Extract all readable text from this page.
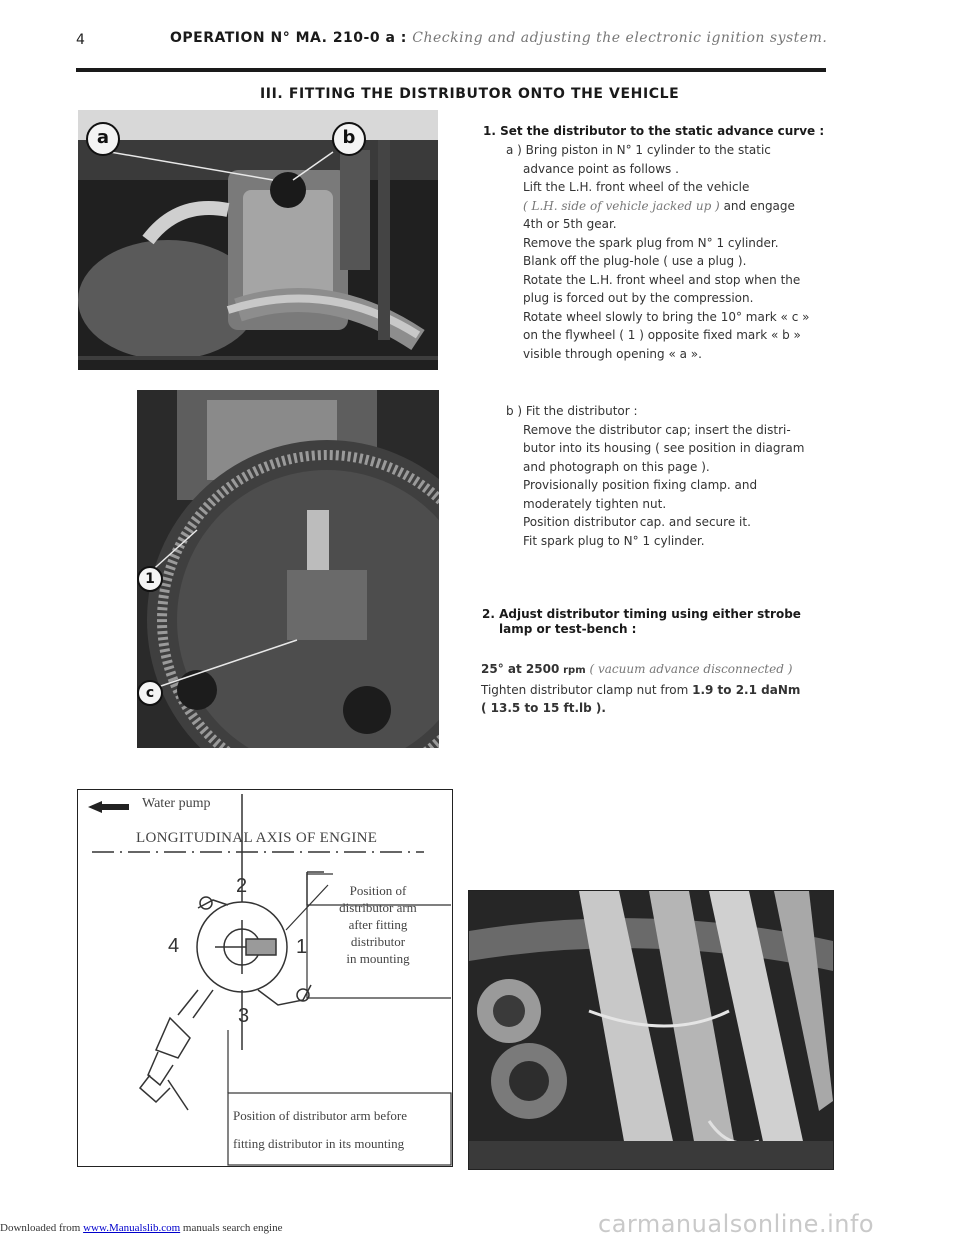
4	OPERATION N° MA. 210-0 a : Checking and adjusting the electronic ignition system.
III. FITTING THE DISTRIBUTOR ONTO THE VEHICLE
a	b
1
c
1. Set the distributor to the static advance curve :
a ) Bring piston in N° 1 cylinder to the static
advance point as follows .
Lift the L.H. front wheel of the vehicle
( L.H. side of vehicle jacked up ) and engage
4th or 5th gear.
Remove the spark plug from N° 1 cylinder.
Blank off the plug-hole ( use a plug ).
Rotate the L.H. front wheel and stop when the
plug is forced out by the compression.
Rotate wheel slowly to bring the 10° mark « c »
on the flywheel ( 1 ) opposite fixed mark « b »
visible through opening « a ».
b ) Fit the distributor :
Remove the distributor cap; insert the distri-
butor into its housing ( see position in diagram
and photograph on this page ).
Provisionally position fixing clamp. and
moderately tighten nut.
Position distributor cap. and secure it.
Fit spark plug to N° 1 cylinder.
2. Adjust distributor timing using either strobe
lamp or test-bench :
25° at 2500 rpm ( vacuum advance disconnected )
Tighten distributor clamp nut from 1.9 to 2.1 daNm
( 13.5 to 15 ft.lb ).
2
4	1
3
Water pump
LONGITUDINAL AXIS OF ENGINE
Position of
distributor arm
after fitting
distributor
in mounting
Position of distributor arm before
fitting distributor in its mounting
Downloaded from www.Manualslib.com manuals search engine	carmanualsonline.info
